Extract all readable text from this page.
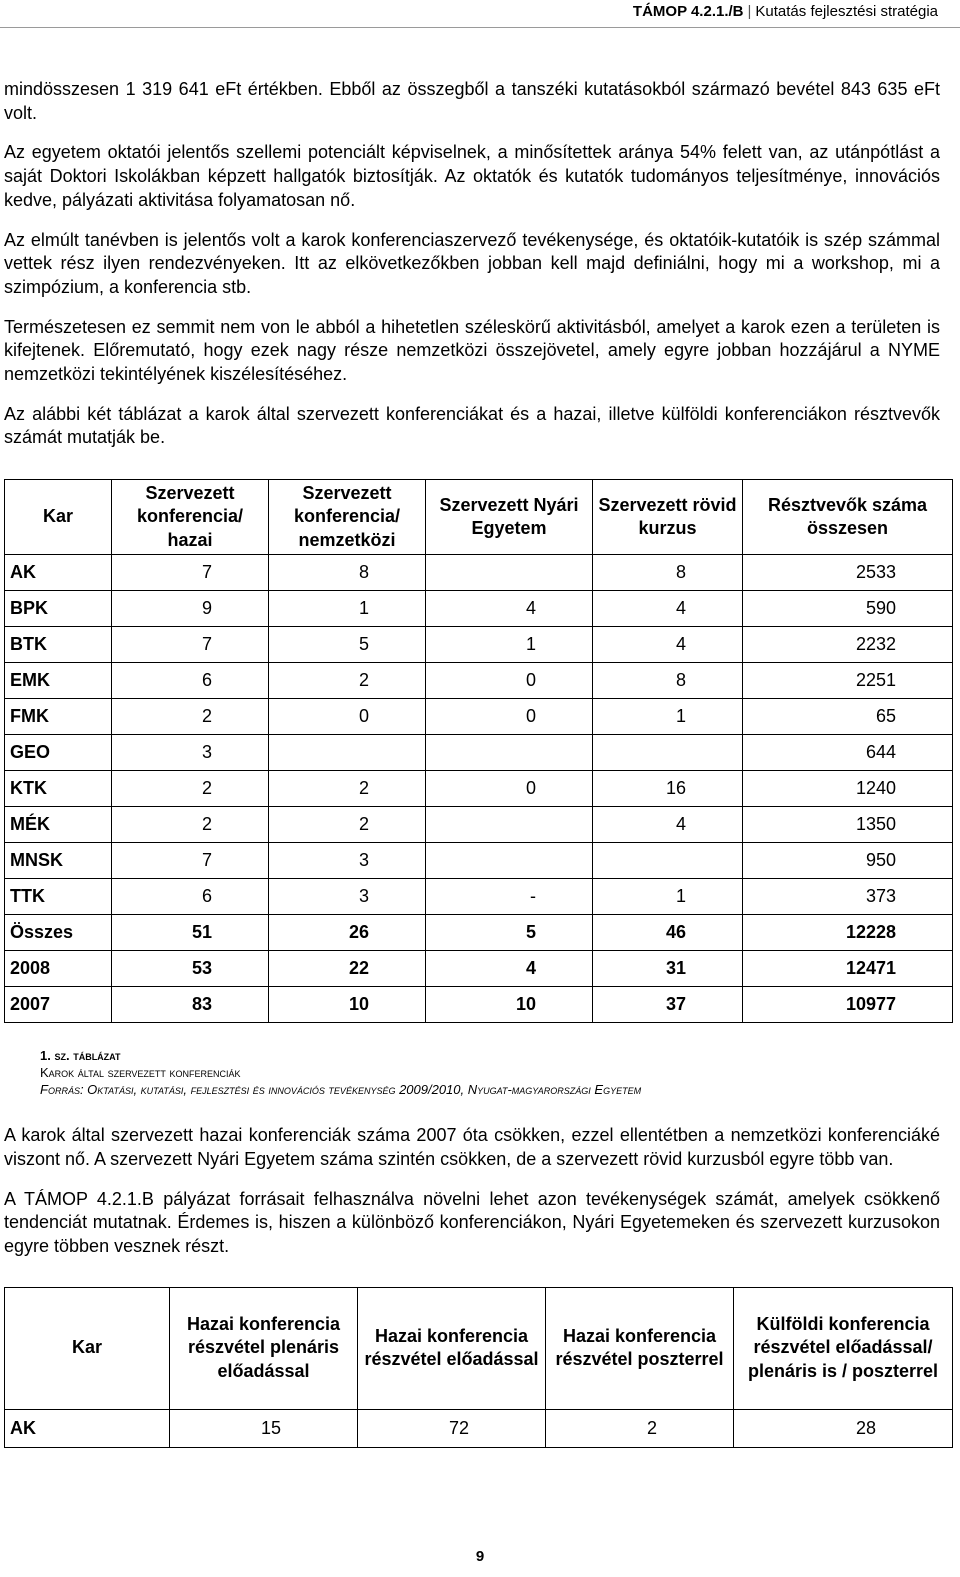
TÁMOP 4.2.1./B | Kutatás fejlesztési stratégia

mindösszesen 1 319 641 eFt értékben. Ebből az összegből a tanszéki kutatásokból származó bevétel 843 635 eFt volt.

Az egyetem oktatói jelentős szellemi potenciált képviselnek, a minősítettek aránya 54% felett van, az utánpótlást a saját Doktori Iskolákban képzett hallgatók biztosítják. Az oktatók és kutatók tudományos teljesítménye, innovációs kedve, pályázati aktivitása folyamatosan nő.

Az elmúlt tanévben is jelentős volt a karok konferenciaszervező tevékenysége, és oktatóik-kutatóik is szép számmal vettek rész ilyen rendezvényeken. Itt az elkövetkezőkben jobban kell majd definiálni, hogy mi a workshop, mi a szimpózium, a konferencia stb.

Természetesen ez semmit nem von le abból a hihetetlen széleskörű aktivitásból, amelyet a karok ezen a területen is kifejtenek. Előremutató, hogy ezek nagy része nemzetközi összejövetel, amely egyre jobban hozzájárul a NYME nemzetközi tekintélyének kiszélesítéséhez.

Az alábbi két táblázat a karok által szervezett konferenciákat és a hazai, illetve külföldi konferenciákon résztvevők számát mutatják be.

Kar	Szervezett konferencia/ hazai	Szervezett konferencia/ nemzetközi	Szervezett Nyári Egyetem	Szervezett rövid kurzus	Résztvevők száma összesen
AK	7	8		8	2533
BPK	9	1	4	4	590
BTK	7	5	1	4	2232
EMK	6	2	0	8	2251
FMK	2	0	0	1	65
GEO	3				644
KTK	2	2	0	16	1240
MÉK	2	2		4	1350
MNSK	7	3			950
TTK	6	3	-	1	373
Összes	51	26	5	46	12228
2008	53	22	4	31	12471
2007	83	10	10	37	10977
1. sz. táblázat
Karok által szervezett konferenciák
Forrás: Oktatási, kutatási, fejlesztési és innovációs tevékenység 2009/2010, Nyugat-magyarországi Egyetem

A karok által szervezett hazai konferenciák száma 2007 óta csökken, ezzel ellentétben a nemzetközi konferenciáké viszont nő. A szervezett Nyári Egyetem száma szintén csökken, de a szervezett rövid kurzusból egyre több van.

A TÁMOP 4.2.1.B pályázat forrásait felhasználva növelni lehet azon tevékenységek számát, amelyek csökkenő tendenciát mutatnak. Érdemes is, hiszen a különböző konferenciákon, Nyári Egyetemeken és szervezett kurzusokon egyre többen vesznek részt.

Kar	Hazai konferencia részvétel plenáris előadással	Hazai konferencia részvétel előadással	Hazai konferencia részvétel poszterrel	Külföldi konferencia részvétel előadással/ plenáris is / poszterrel
AK	15	72	2	28
9
